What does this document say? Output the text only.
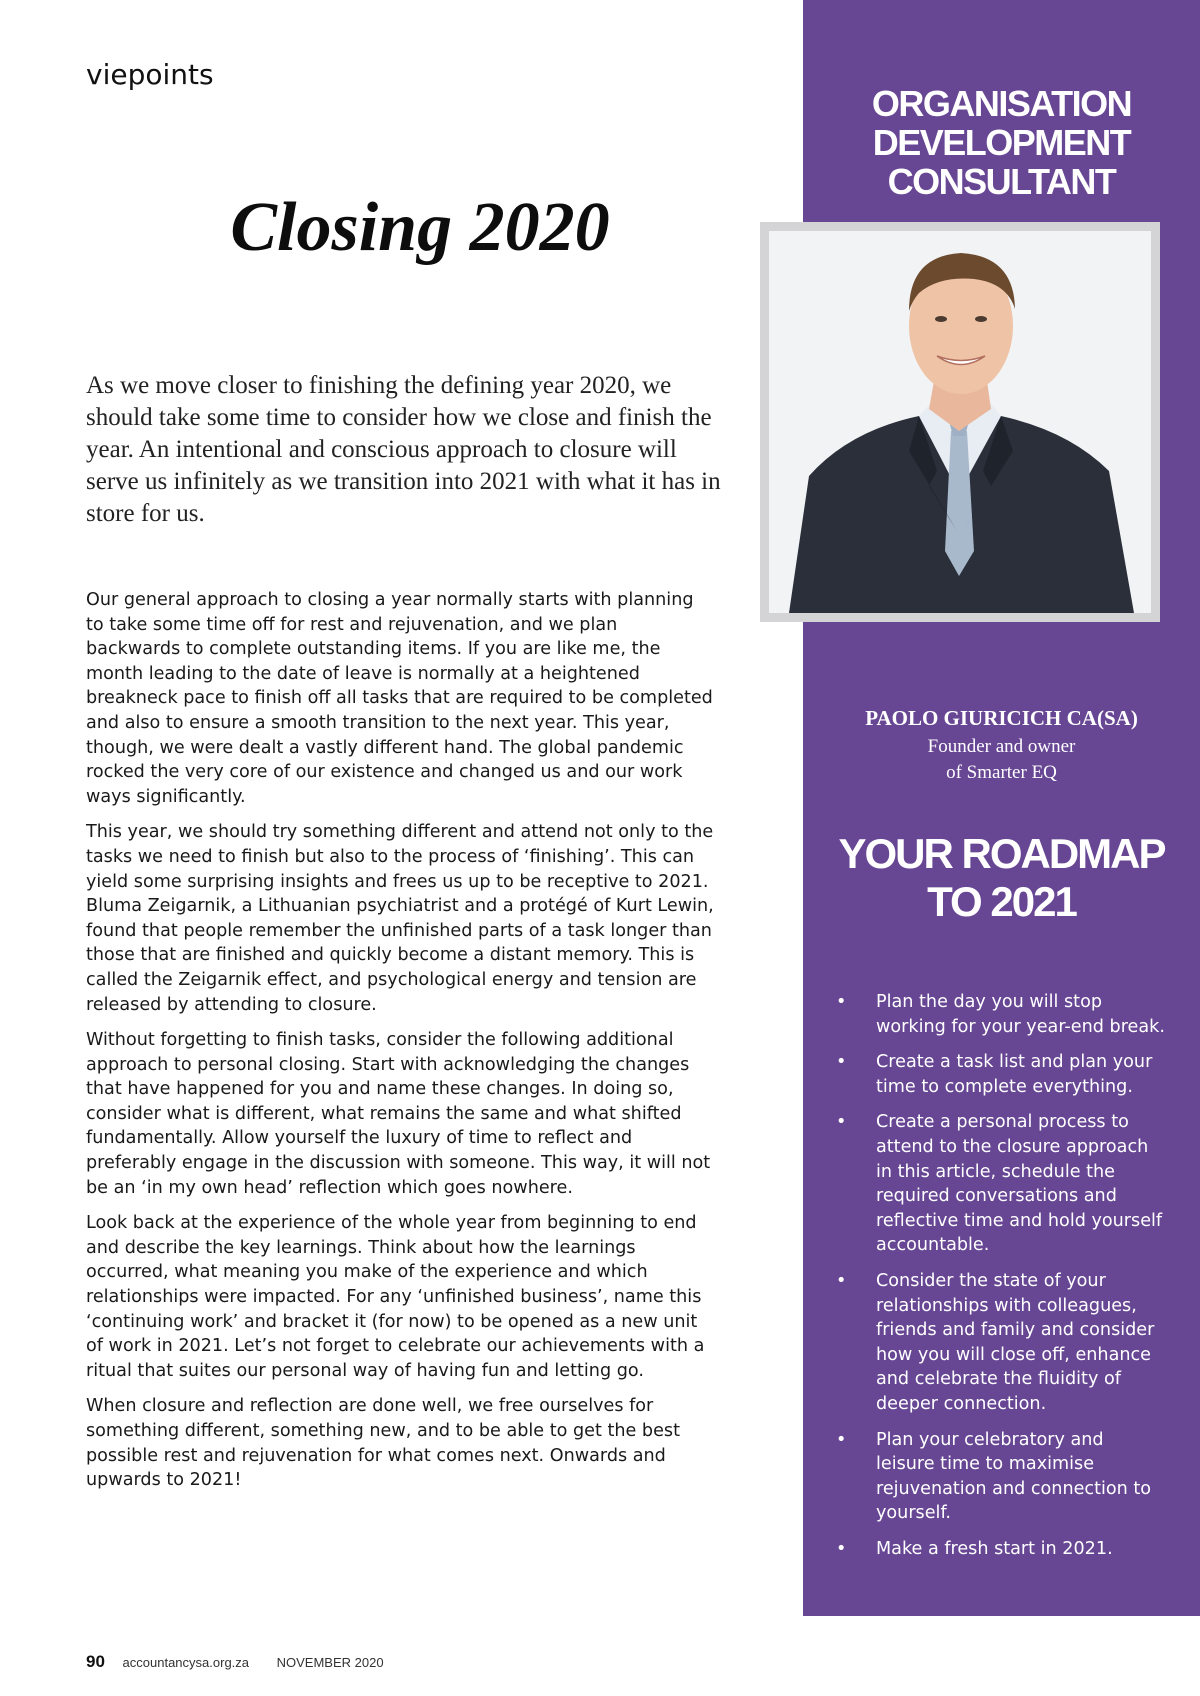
viepoints
Closing 2020

As we move closer to finishing the defining year 2020, we should take some time to consider how we close and finish the year. An intentional and conscious approach to closure will serve us infinitely as we transition into 2021 with what it has in store for us.

Our general approach to closing a year normally starts with planning to take some time off for rest and rejuvenation, and we plan backwards to complete outstanding items. If you are like me, the month leading to the date of leave is normally at a heightened breakneck pace to finish off all tasks that are required to be completed and also to ensure a smooth transition to the next year. This year, though, we were dealt a vastly different hand. The global pandemic rocked the very core of our existence and changed us and our work ways significantly.

This year, we should try something different and attend not only to the tasks we need to finish but also to the process of ‘finishing’. This can yield some surprising insights and frees us up to be receptive to 2021. Bluma Zeigarnik, a Lithuanian psychiatrist and a protégé of Kurt Lewin, found that people remember the unfinished parts of a task longer than those that are finished and quickly become a distant memory. This is called the Zeigarnik effect, and psychological energy and tension are released by attending to closure.

Without forgetting to finish tasks, consider the following additional approach to personal closing. Start with acknowledging the changes that have happened for you and name these changes. In doing so, consider what is different, what remains the same and what shifted fundamentally. Allow yourself the luxury of time to reflect and preferably engage in the discussion with someone. This way, it will not be an ‘in my own head’ reflection which goes nowhere.

Look back at the experience of the whole year from beginning to end and describe the key learnings. Think about how the learnings occurred, what meaning you make of the experience and which relationships were impacted. For any ‘unfinished business’, name this ‘continuing work’ and bracket it (for now) to be opened as a new unit of work in 2021. Let’s not forget to celebrate our achievements with a ritual that suites our personal way of having fun and letting go.

When closure and reflection are done well, we free ourselves for something different, something new, and to be able to get the best possible rest and rejuvenation for what comes next. Onwards and upwards to 2021!

ORGANISATION
DEVELOPMENT
CONSULTANT
PAOLO GIURICICH CA(SA)
Founder and owner
of Smarter EQ
YOUR ROADMAP
TO 2021
• Plan the day you will stop working for your year-end break.
• Create a task list and plan your time to complete everything.
• Create a personal process to attend to the closure approach in this article, schedule the required conversations and reflective time and hold yourself accountable.
• Consider the state of your relationships with colleagues, friends and family and consider how you will close off, enhance and celebrate the fluidity of deeper connection.
• Plan your celebratory and leisure time to maximise rejuvenation and connection to yourself.
• Make a fresh start in 2021.
90 accountancysa.org.za NOVEMBER 2020
